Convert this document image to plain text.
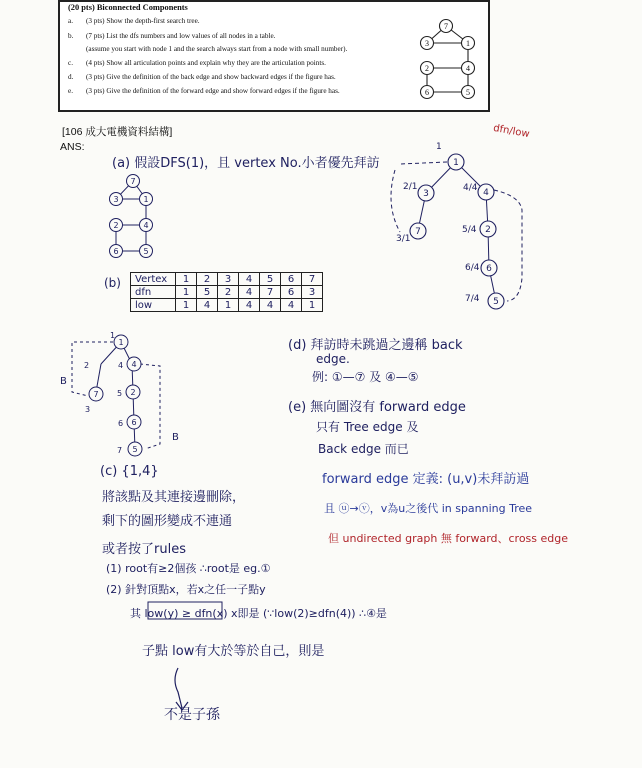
(20 pts) Biconnected Components
a. (3 pts) Show the depth-first search tree.
b. (7 pts) List the dfs numbers and low values of all nodes in a table.
(assume you start with node 1 and the search always start from a node with small number).
c. (4 pts) Show all articulation points and explain why they are the articulation points.
d. (3 pts) Give the definition of the back edge and show backward edges if the figure has.
e. (3 pts) Give the definition of the forward edge and show forward edges if the figure has.
7
3	1
2	4
6	5
7
3	1
2	4
6	5
1
3	4
7	2
6
5
1
2/1
3/1
4/4
5/4
6/4
7/4
1
7
4
2
6
5
1
2
3
4
5
6
7
B
B
[106 成大電機資料結構]
ANS:
dfn/low
(a) 假設DFS(1)，且 vertex No.小者優先拜訪
(b) Vertex	1	2	3	4	5	6	7
dfn	1	5	2	4	7	6	3
low	1	4	1	4	4	4	1
(d) 拜訪時未跳過之邊稱 back
edge.
例: ①—⑦ 及 ④—⑤
(e) 無向圖沒有 forward edge
只有 Tree edge 及
Back edge 而已
forward edge 定義: (u,v)未拜訪過
且 ⓤ→ⓥ，v為u之後代 in spanning Tree
但 undirected graph 無 forward、cross edge
(c) {1,4}
將該點及其連接邊刪除，
剩下的圖形變成不連通
或者按了rules
(1) root有≥2個孩 ∴root是 eg.①
(2) 針對頂點x，若x之任一子點y
其 low(y) ≥ dfn(x) x即是 (∵low(2)≥dfn(4)) ∴④是
子點 low有大於等於自己，則是
不是子孫
